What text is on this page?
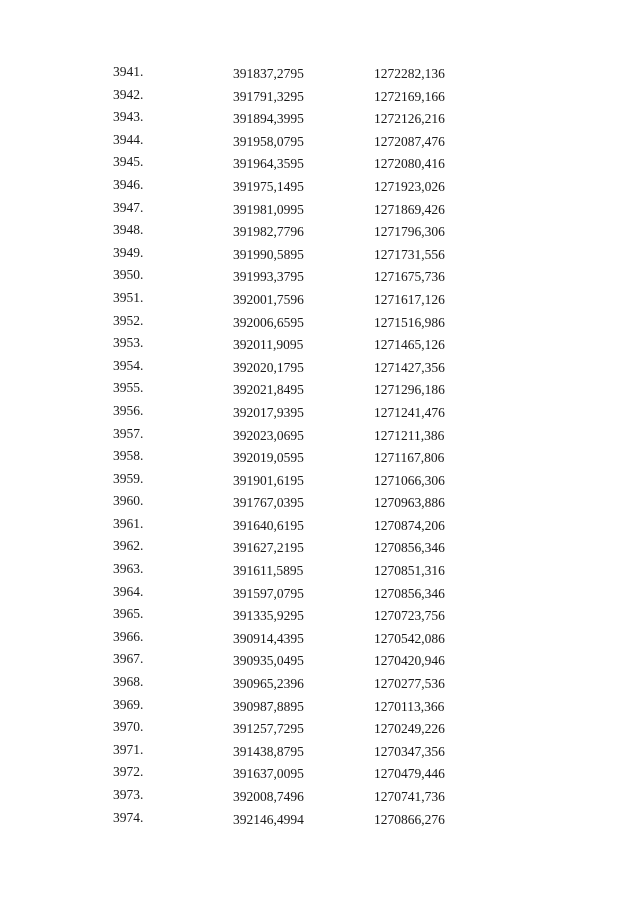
3941.	391837,2795	1272282,136
3942.	391791,3295	1272169,166
3943.	391894,3995	1272126,216
3944.	391958,0795	1272087,476
3945.	391964,3595	1272080,416
3946.	391975,1495	1271923,026
3947.	391981,0995	1271869,426
3948.	391982,7796	1271796,306
3949.	391990,5895	1271731,556
3950.	391993,3795	1271675,736
3951.	392001,7596	1271617,126
3952.	392006,6595	1271516,986
3953.	392011,9095	1271465,126
3954.	392020,1795	1271427,356
3955.	392021,8495	1271296,186
3956.	392017,9395	1271241,476
3957.	392023,0695	1271211,386
3958.	392019,0595	1271167,806
3959.	391901,6195	1271066,306
3960.	391767,0395	1270963,886
3961.	391640,6195	1270874,206
3962.	391627,2195	1270856,346
3963.	391611,5895	1270851,316
3964.	391597,0795	1270856,346
3965.	391335,9295	1270723,756
3966.	390914,4395	1270542,086
3967.	390935,0495	1270420,946
3968.	390965,2396	1270277,536
3969.	390987,8895	1270113,366
3970.	391257,7295	1270249,226
3971.	391438,8795	1270347,356
3972.	391637,0095	1270479,446
3973.	392008,7496	1270741,736
3974.	392146,4994	1270866,276
